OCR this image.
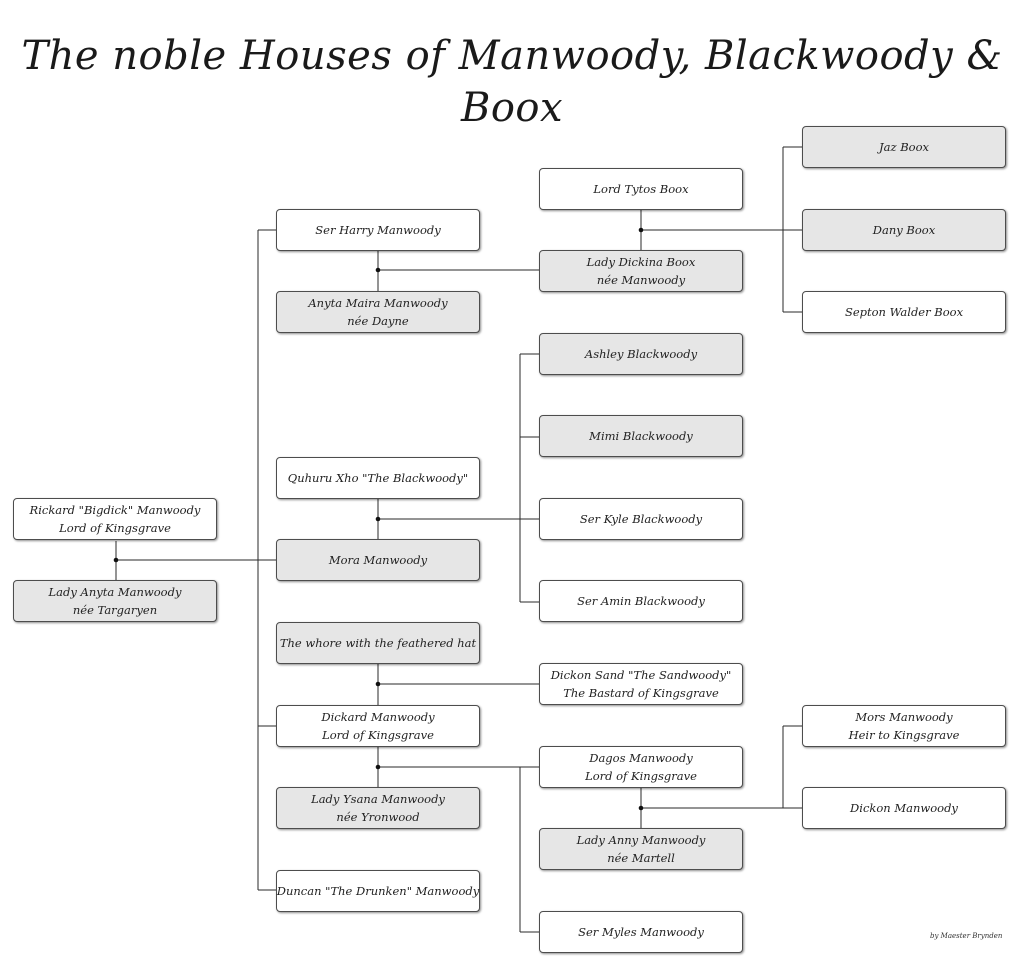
The noble Houses of Manwoody, Blackwoody & Boox
Rickard "Bigdick" Manwoody
Lord of Kingsgrave
Lady Anyta Manwoody
née Targaryen
Ser Harry Manwoody
Anyta Maira Manwoody
née Dayne
Quhuru Xho "The Blackwoody"
Mora Manwoody
The whore with the feathered hat
Dickard Manwoody
Lord of Kingsgrave
Lady Ysana Manwoody
née Yronwood
Duncan "The Drunken" Manwoody
Lord Tytos Boox
Lady Dickina Boox
née Manwoody
Ashley Blackwoody
Mimi Blackwoody
Ser Kyle Blackwoody
Ser Amin Blackwoody
Dickon Sand "The Sandwoody"
The Bastard of Kingsgrave
Dagos Manwoody
Lord of Kingsgrave
Lady Anny Manwoody
née Martell
Ser Myles Manwoody
Jaz Boox
Dany Boox
Septon Walder Boox
Mors Manwoody
Heir to Kingsgrave
Dickon Manwoody
by Maester Brynden
